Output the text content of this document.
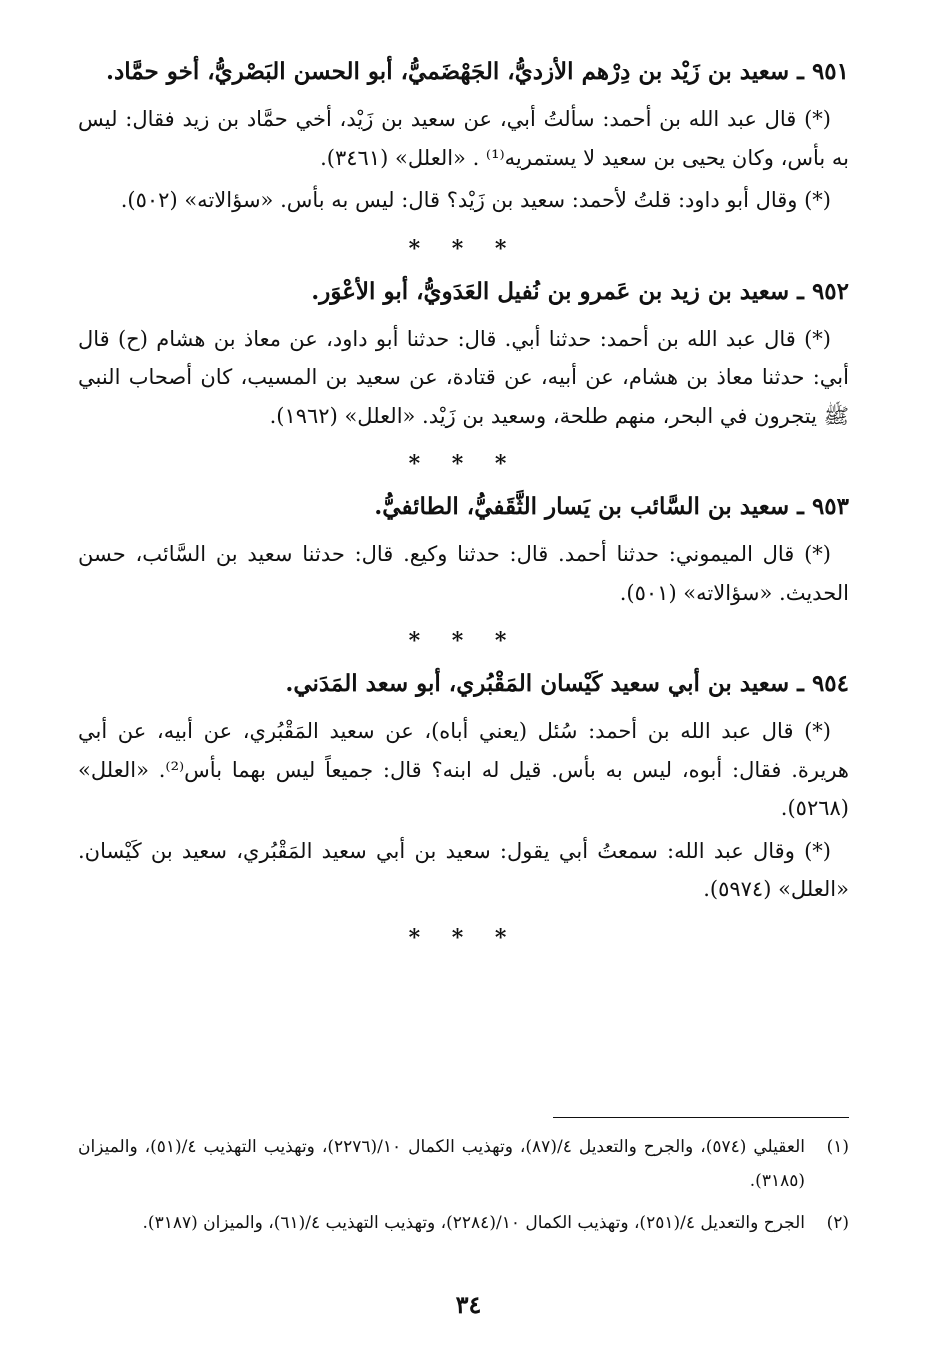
٩٥١ ـ سعيد بن زَيْد بن دِرْهم الأزديُّ، الجَهْضَميُّ، أبو الحسن البَصْريُّ، أخو حمَّاد.

(*) قال عبد الله بن أحمد: سألتُ أبي، عن سعيد بن زَيْد، أخي حمَّاد بن زيد فقال: ليس به بأس، وكان يحيى بن سعيد لا يستمريه⁽¹⁾ . «العلل» (٣٤٦١).

(*) وقال أبو داود: قلتُ لأحمد: سعيد بن زَيْد؟ قال: ليس به بأس. «سؤالاته» (٥٠٢).

* * *
٩٥٢ ـ سعيد بن زيد بن عَمرو بن نُفيل العَدَويُّ، أبو الأعْوَر.

(*) قال عبد الله بن أحمد: حدثنا أبي. قال: حدثنا أبو داود، عن معاذ بن هشام (ح) قال أبي: حدثنا معاذ بن هشام، عن أبيه، عن قتادة، عن سعيد بن المسيب، كان أصحاب النبي ﷺ يتجرون في البحر، منهم طلحة، وسعيد بن زَيْد. «العلل» (١٩٦٢).

* * *
٩٥٣ ـ سعيد بن السَّائب بن يَسار الثَّقَفيُّ، الطائفيُّ.

(*) قال الميموني: حدثنا أحمد. قال: حدثنا وكيع. قال: حدثنا سعيد بن السَّائب، حسن الحديث. «سؤالاته» (٥٠١).

* * *
٩٥٤ ـ سعيد بن أبي سعيد كَيْسان المَقْبُري، أبو سعد المَدَني.

(*) قال عبد الله بن أحمد: سُئل (يعني أباه)، عن سعيد المَقْبُري، عن أبيه، عن أبي هريرة. فقال: أبوه، ليس به بأس. قيل له ابنه؟ قال: جميعاً ليس بهما بأس⁽²⁾. «العلل» (٥٢٦٨).

(*) وقال عبد الله: سمعتُ أبي يقول: سعيد بن أبي سعيد المَقْبُري، سعيد بن كَيْسان. «العلل» (٥٩٧٤).

* * *
(١)
العقيلي (٥٧٤)، والجرح والتعديل ٤/(٨٧)، وتهذيب الكمال ١٠/(٢٢٧٦)، وتهذيب التهذيب ٤/(٥١)، والميزان (٣١٨٥).
(٢)
الجرح والتعديل ٤/(٢٥١)، وتهذيب الكمال ١٠/(٢٢٨٤)، وتهذيب التهذيب ٤/(٦١)، والميزان (٣١٨٧).
٣٤
